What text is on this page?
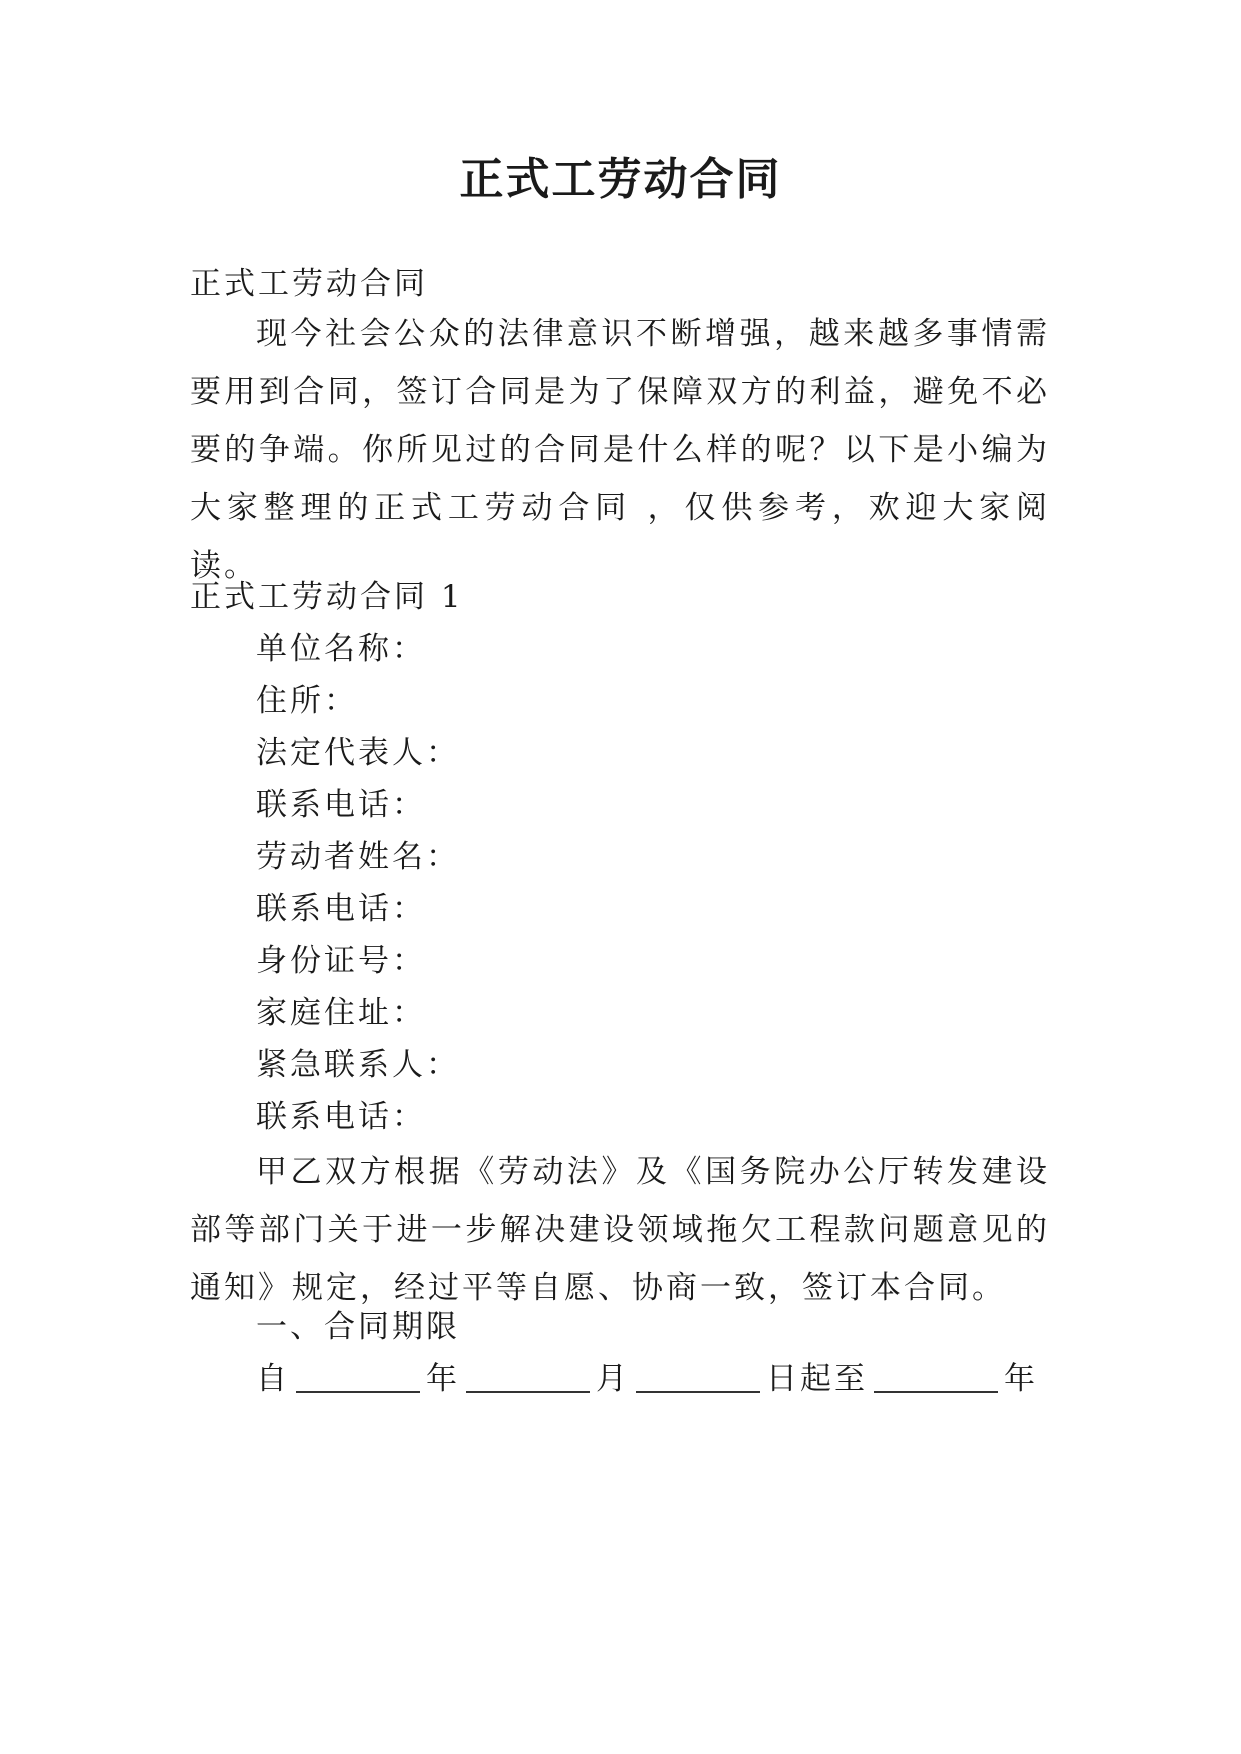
正式工劳动合同
正式工劳动合同

现今社会公众的法律意识不断增强，越来越多事情需要用到合同，签订合同是为了保障双方的利益，避免不必要的争端。你所见过的合同是什么样的呢？以下是小编为大家整理的正式工劳动合同 ，仅供参考，欢迎大家阅读。

正式工劳动合同 1
单位名称：
住所：
法定代表人：
联系电话：
劳动者姓名：
联系电话：
身份证号：
家庭住址：
紧急联系人：
联系电话：

甲乙双方根据《劳动法》及《国务院办公厅转发建设部等部门关于进一步解决建设领域拖欠工程款问题意见的通知》规定，经过平等自愿、协商一致，签订本合同。

一、合同期限
自	年	月	日起至	年
